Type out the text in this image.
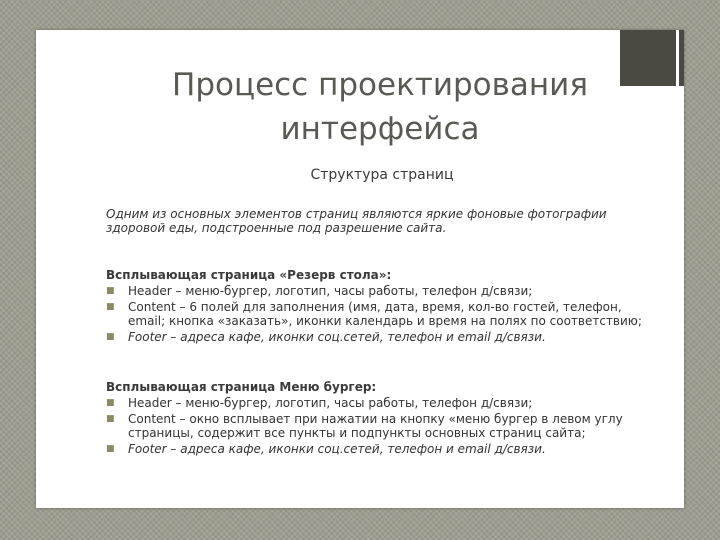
Процесс проектирования
интерфейса
Структура страниц

Одним из основных элементов страниц являются яркие фоновые фотографии здоровой еды, подстроенные под разрешение сайта.

Всплывающая страница «Резерв стола»:
■ Header – меню-бургер, логотип, часы работы, телефон д/связи;
■ Content – 6 полей для заполнения (имя, дата, время, кол-во гостей, телефон, email; кнопка «заказать», иконки календарь и время на полях по соответствию;
■ Footer – адреса кафе, иконки соц.сетей, телефон и email д/связи.
Всплывающая страница Меню бургер:
■ Header – меню-бургер, логотип, часы работы, телефон д/связи;
■ Content – окно всплывает при нажатии на кнопку «меню бургер в левом углу страницы, содержит все пункты и подпункты основных страниц сайта;
■ Footer – адреса кафе, иконки соц.сетей, телефон и email д/связи.
